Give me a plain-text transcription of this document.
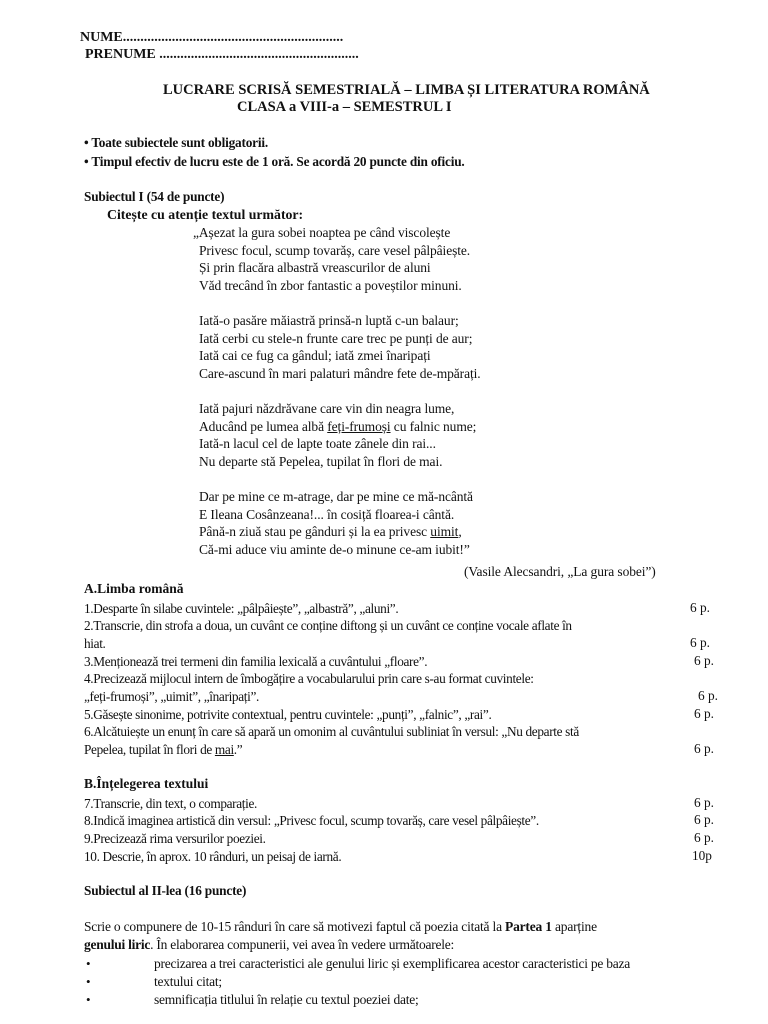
NUME...............................................................
PRENUME .........................................................
LUCRARE SCRISĂ SEMESTRIALĂ – LIMBA ȘI LITERATURA ROMÂNĂ
CLASA a VIII-a – SEMESTRUL I
• Toate subiectele sunt obligatorii.
• Timpul efectiv de lucru este de 1 oră. Se acordă 20 puncte din oficiu.
Subiectul I (54 de puncte)
Citește cu atenție textul următor:
„Așezat la gura sobei noaptea pe când viscolește
Privesc focul, scump tovarăș, care vesel pâlpâiește.
Și prin flacăra albastră vreascurilor de aluni
Văd trecând în zbor fantastic a poveștilor minuni.
Iată-o pasăre măiastră prinsă-n luptă c-un balaur;
Iată cerbi cu stele-n frunte care trec pe punți de aur;
Iată cai ce fug ca gândul; iată zmei înaripați
Care-ascund în mari palaturi mândre fete de-mpărați.
Iată pajuri năzdrăvane care vin din neagra lume,
Aducând pe lumea albă feți-frumoși cu falnic nume;
Iată-n lacul cel de lapte toate zânele din rai...
Nu departe stă Pepelea, tupilat în flori de mai.
Dar pe mine ce m-atrage, dar pe mine ce mă-ncântă
E Ileana Cosânzeana!... în cosiță floarea-i cântă.
Până-n ziuă stau pe gânduri și la ea privesc uimit,
Că-mi aduce viu aminte de-o minune ce-am iubit!”
(Vasile Alecsandri, „La gura sobei”)
A.Limba română
1.Desparte în silabe cuvintele: „pâlpâiește”, „albastră”, „aluni”.	6 p.
2.Transcrie, din strofa a doua, un cuvânt ce conține diftong și un cuvânt ce conține vocale aflate în
hiat.	6 p.
3.Menționează trei termeni din familia lexicală a cuvântului „floare”.	6 p.
4.Precizează mijlocul intern de îmbogățire a vocabularului prin care s-au format cuvintele:
„feți-frumoși”, „uimit”, „înaripați”.	6 p.
5.Găsește sinonime, potrivite contextual, pentru cuvintele: „punți”, „falnic”, „rai”.	6 p.
6.Alcătuiește un enunț în care să apară un omonim al cuvântului subliniat în versul: „Nu departe stă
Pepelea, tupilat în flori de mai.”	6 p.
B.Înțelegerea textului
7.Transcrie, din text, o comparație.	6 p.
8.Indică imaginea artistică din versul: „Privesc focul, scump tovarăș, care vesel pâlpâiește”.	6 p.
9.Precizează rima versurilor poeziei.	6 p.
10. Descrie, în aprox. 10 rânduri, un peisaj de iarnă.	10p
Subiectul al II-lea (16 puncte)
Scrie o compunere de 10-15 rânduri în care să motivezi faptul că poezia citată la Partea 1 aparține
genului liric. În elaborarea compunerii, vei avea în vedere următoarele:
•	precizarea a trei caracteristici ale genului liric și exemplificarea acestor caracteristici pe baza
•	textului citat;
•	semnificația titlului în relație cu textul poeziei date;
